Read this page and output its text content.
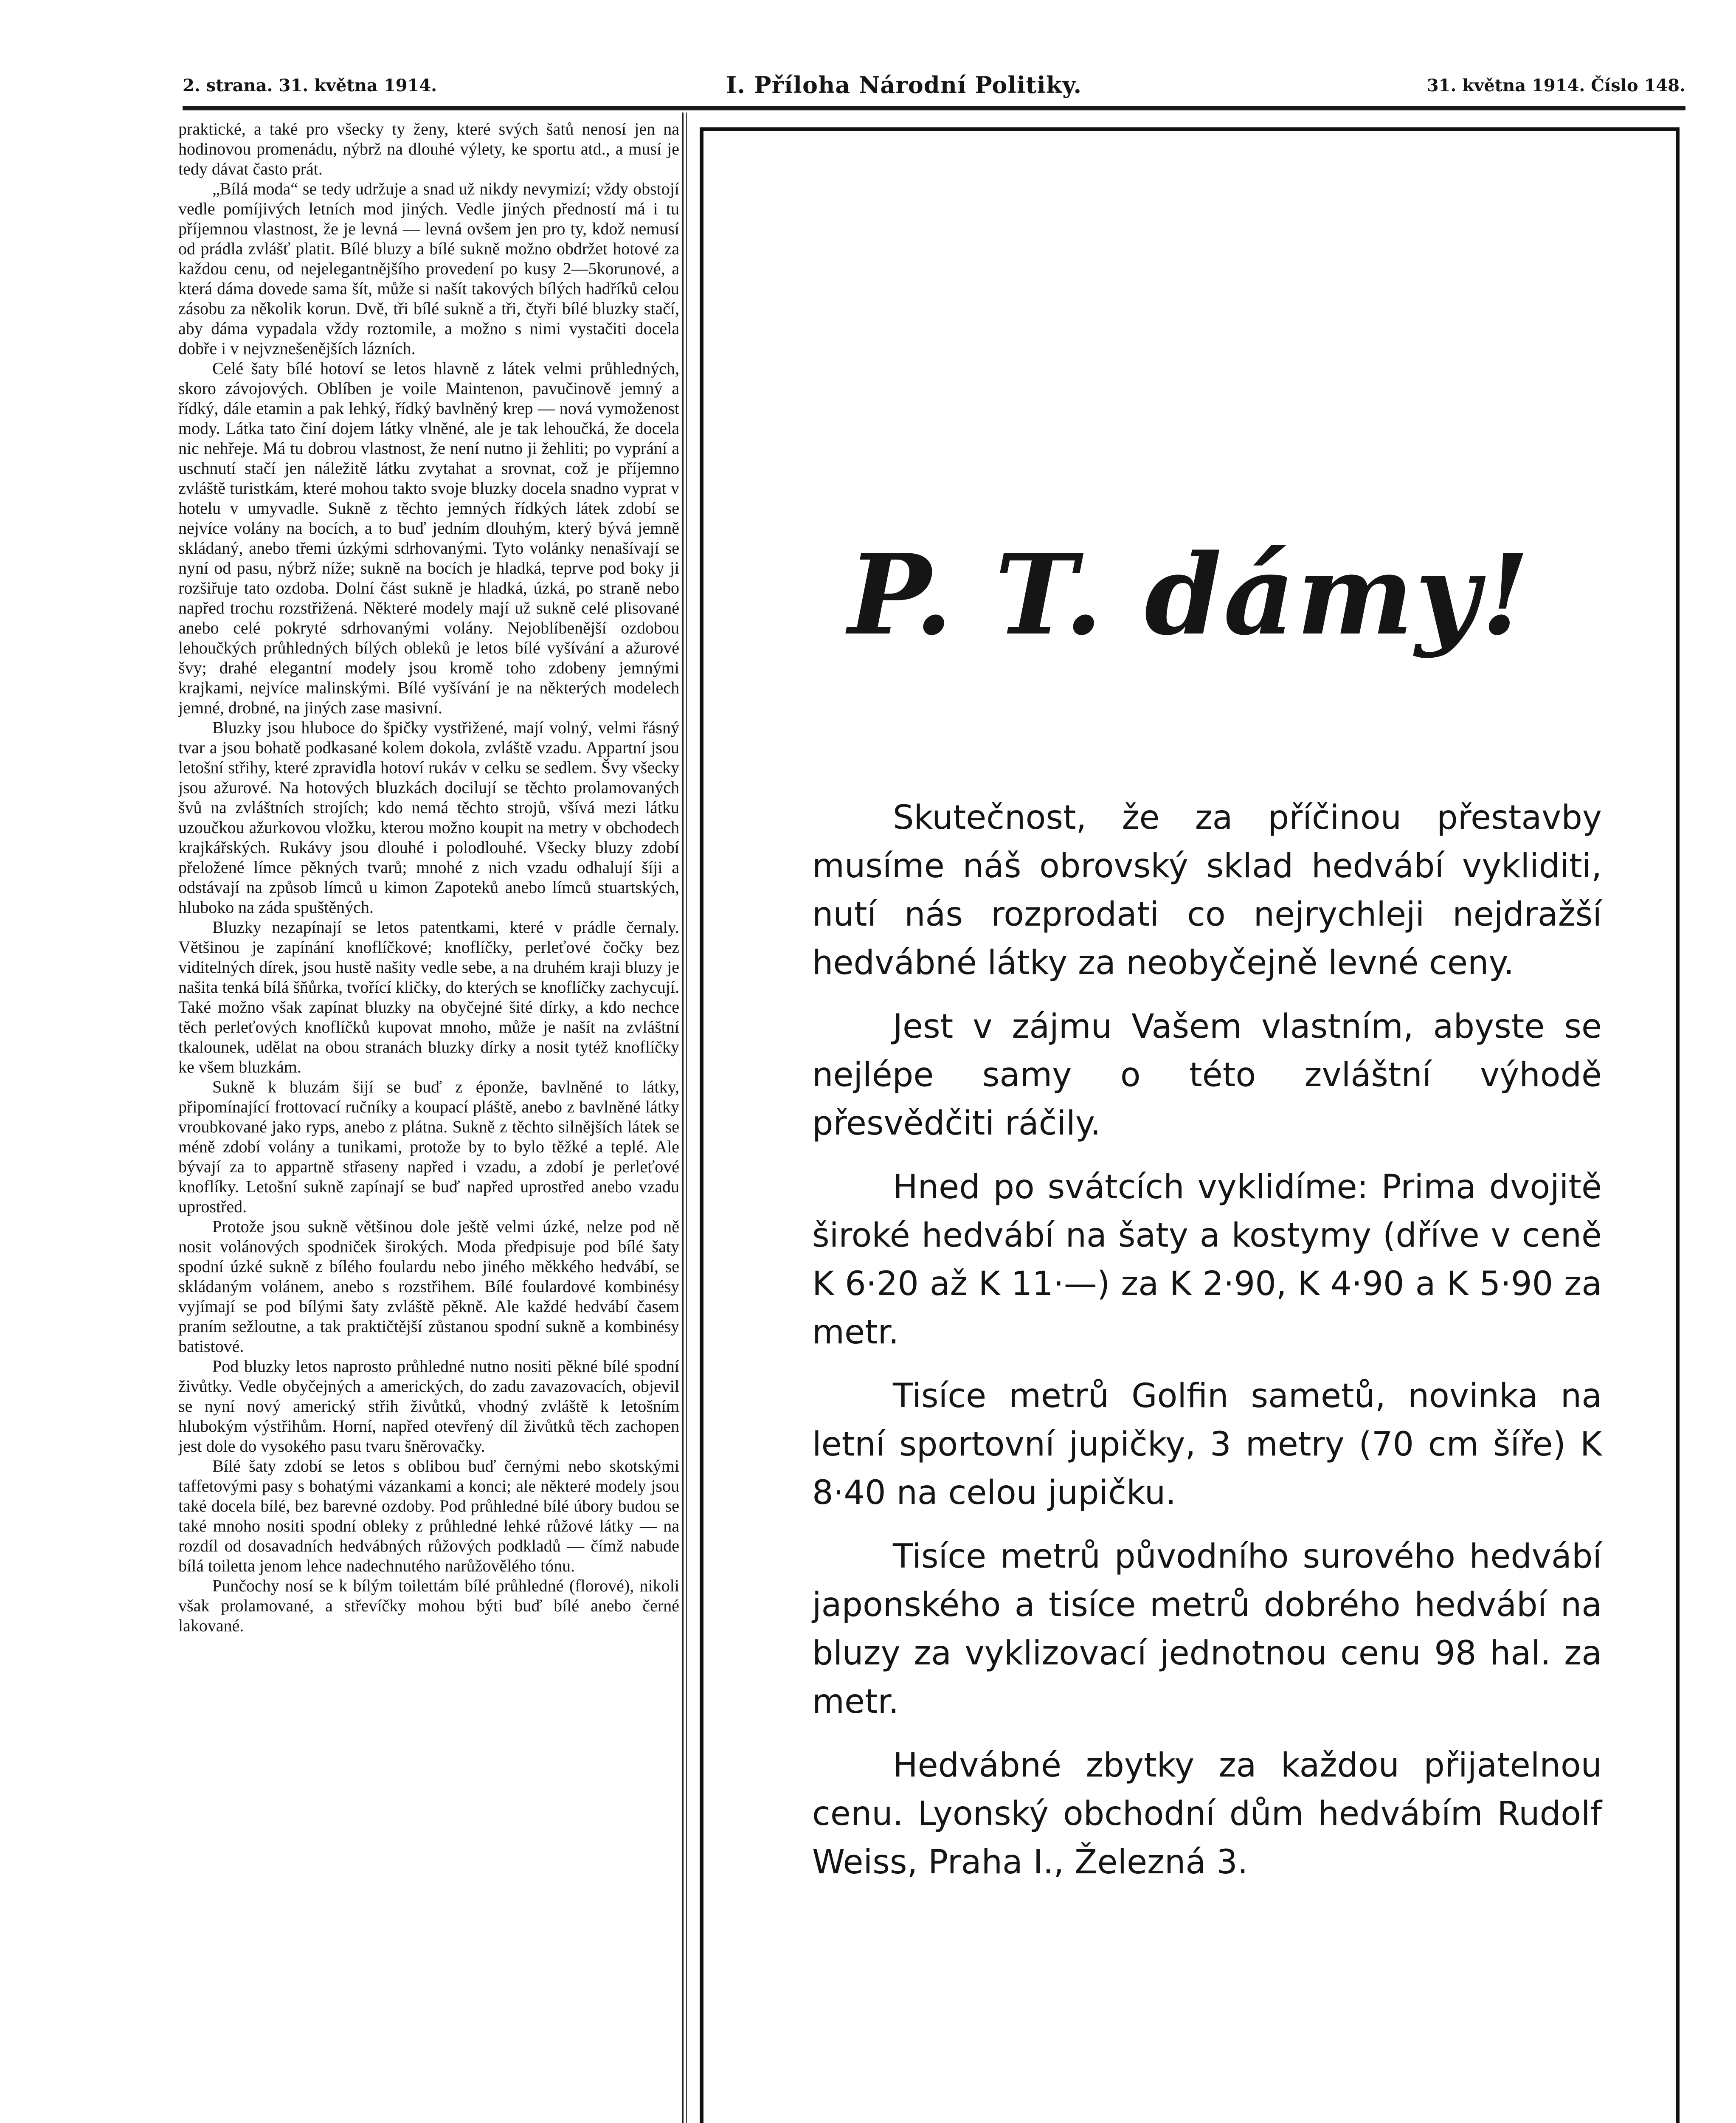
2. strana. 31. května 1914.	I. Příloha Národní Politiky.	31. května 1914. Číslo 148.

praktické, a také pro všecky ty ženy, které svých šatů nenosí jen na hodinovou promenádu, nýbrž na dlouhé výlety, ke sportu atd., a musí je tedy dávat často prát.

„Bílá moda“ se tedy udržuje a snad už nikdy nevymizí; vždy obstojí vedle pomíjivých letních mod jiných. Vedle jiných předností má i tu příjemnou vlastnost, že je levná — levná ovšem jen pro ty, kdož nemusí od prádla zvlášť platit. Bílé bluzy a bílé sukně možno obdržet hotové za každou cenu, od nejelegantnějšího provedení po kusy 2—5korunové, a která dáma dovede sama šít, může si našít takových bílých hadříků celou zásobu za několik korun. Dvě, tři bílé sukně a tři, čtyři bílé bluzky stačí, aby dáma vypadala vždy roztomile, a možno s nimi vystačiti docela dobře i v nejvznešenějších lázních.

Celé šaty bílé hotoví se letos hlavně z látek velmi průhledných, skoro závojových. Oblíben je voile Maintenon, pavučinově jemný a řídký, dále etamin a pak lehký, řídký bavlněný krep — nová vymoženost mody. Látka tato činí dojem látky vlněné, ale je tak lehoučká, že docela nic nehřeje. Má tu dobrou vlastnost, že není nutno ji žehliti; po vyprání a uschnutí stačí jen náležitě látku zvytahat a srovnat, což je příjemno zvláště turistkám, které mohou takto svoje bluzky docela snadno vyprat v hotelu v umyvadle. Sukně z těchto jemných řídkých látek zdobí se nejvíce volány na bocích, a to buď jedním dlouhým, který bývá jemně skládaný, anebo třemi úzkými sdrhovanými. Tyto volánky nenašívají se nyní od pasu, nýbrž níže; sukně na bocích je hladká, teprve pod boky ji rozšiřuje tato ozdoba. Dolní část sukně je hladká, úzká, po straně nebo napřed trochu rozstřižená. Některé modely mají už sukně celé plisované anebo celé pokryté sdrhovanými volány. Nejoblíbenější ozdobou lehoučkých průhledných bílých obleků je letos bílé vyšívání a ažurové švy; drahé elegantní modely jsou kromě toho zdobeny jemnými krajkami, nejvíce malinskými. Bílé vyšívání je na některých modelech jemné, drobné, na jiných zase masivní.

Bluzky jsou hluboce do špičky vystřižené, mají volný, velmi řásný tvar a jsou bohatě podkasané kolem dokola, zvláště vzadu. Appartní jsou letošní střihy, které zpravidla hotoví rukáv v celku se sedlem. Švy všecky jsou ažurové. Na hotových bluzkách docilují se těchto prolamovaných švů na zvláštních strojích; kdo nemá těchto strojů, všívá mezi látku uzoučkou ažurkovou vložku, kterou možno koupit na metry v obchodech krajkářských. Rukávy jsou dlouhé i polodlouhé. Všecky bluzy zdobí přeložené límce pěkných tvarů; mnohé z nich vzadu odhalují šíji a odstávají na způsob límců u kimon Zapoteků anebo límců stuartských, hluboko na záda spuštěných.

Bluzky nezapínají se letos patentkami, které v prádle černaly. Většinou je zapínání knoflíčkové; knoflíčky, perleťové čočky bez viditelných dírek, jsou hustě našity vedle sebe, a na druhém kraji bluzy je našita tenká bílá šňůrka, tvořící kličky, do kterých se knoflíčky zachycují. Také možno však zapínat bluzky na obyčejné šité dírky, a kdo nechce těch perleťových knoflíčků kupovat mnoho, může je našít na zvláštní tkalounek, udělat na obou stranách bluzky dírky a nosit tytéž knoflíčky ke všem bluzkám.

Sukně k bluzám šijí se buď z éponže, bavlněné to látky, připomínající frottovací ručníky a koupací pláště, anebo z bavlněné látky vroubkované jako ryps, anebo z plátna. Sukně z těchto silnějších látek se méně zdobí volány a tunikami, protože by to bylo těžké a teplé. Ale bývají za to appartně střaseny napřed i vzadu, a zdobí je perleťové knoflíky. Letošní sukně zapínají se buď napřed uprostřed anebo vzadu uprostřed.

Protože jsou sukně většinou dole ještě velmi úzké, nelze pod ně nosit volánových spodniček širokých. Moda předpisuje pod bílé šaty spodní úzké sukně z bílého foulardu nebo jiného měkkého hedvábí, se skládaným volánem, anebo s rozstřihem. Bílé foulardové kombinésy vyjímají se pod bílými šaty zvláště pěkně. Ale každé hedvábí časem praním sežloutne, a tak praktičtější zůstanou spodní sukně a kombinésy batistové.

Pod bluzky letos naprosto průhledné nutno nositi pěkné bílé spodní živůtky. Vedle obyčejných a amerických, do zadu zavazovacích, objevil se nyní nový americký střih živůtků, vhodný zvláště k letošním hlubokým výstřihům. Horní, napřed otevřený díl živůtků těch zachopen jest dole do vysokého pasu tvaru šněrovačky.

Bílé šaty zdobí se letos s oblibou buď černými nebo skotskými taffetovými pasy s bohatými vázankami a konci; ale některé modely jsou také docela bílé, bez barevné ozdoby. Pod průhledné bílé úbory budou se také mnoho nositi spodní obleky z průhledné lehké růžové látky — na rozdíl od dosavadních hedvábných růžových podkladů — čímž nabude bílá toiletta jenom lehce nadechnutého narůžovělého tónu.

Punčochy nosí se k bílým toilettám bílé průhledné (florové), nikoli však prolamované, a střevíčky mohou býti buď bílé anebo černé lakované.

P. T. dámy!

Skutečnost, že za příčinou přestavby musíme náš obrovský sklad hedvábí vykliditi, nutí nás rozprodati co nejrychleji nejdražší hedvábné látky za neobyčejně levné ceny.

Jest v zájmu Vašem vlastním, abyste se nejlépe samy o této zvláštní výhodě přesvědčiti ráčily.

Hned po svátcích vyklidíme: Prima dvojitě široké hedvábí na šaty a kostymy (dříve v ceně K 6·20 až K 11·—) za K 2·90, K 4·90 a K 5·90 za metr.

Tisíce metrů Golfin sametů, novinka na letní sportovní jupičky, 3 metry (70 cm šíře) K 8·40 na celou jupičku.

Tisíce metrů původního surového hedvábí japonského a tisíce metrů dobrého hedvábí na bluzy za vyklizovací jednotnou cenu 98 hal. za metr.

Hedvábné zbytky za každou přijatelnou cenu. Lyonský obchodní dům hedvábím Rudolf Weiss, Praha I., Železná 3.
